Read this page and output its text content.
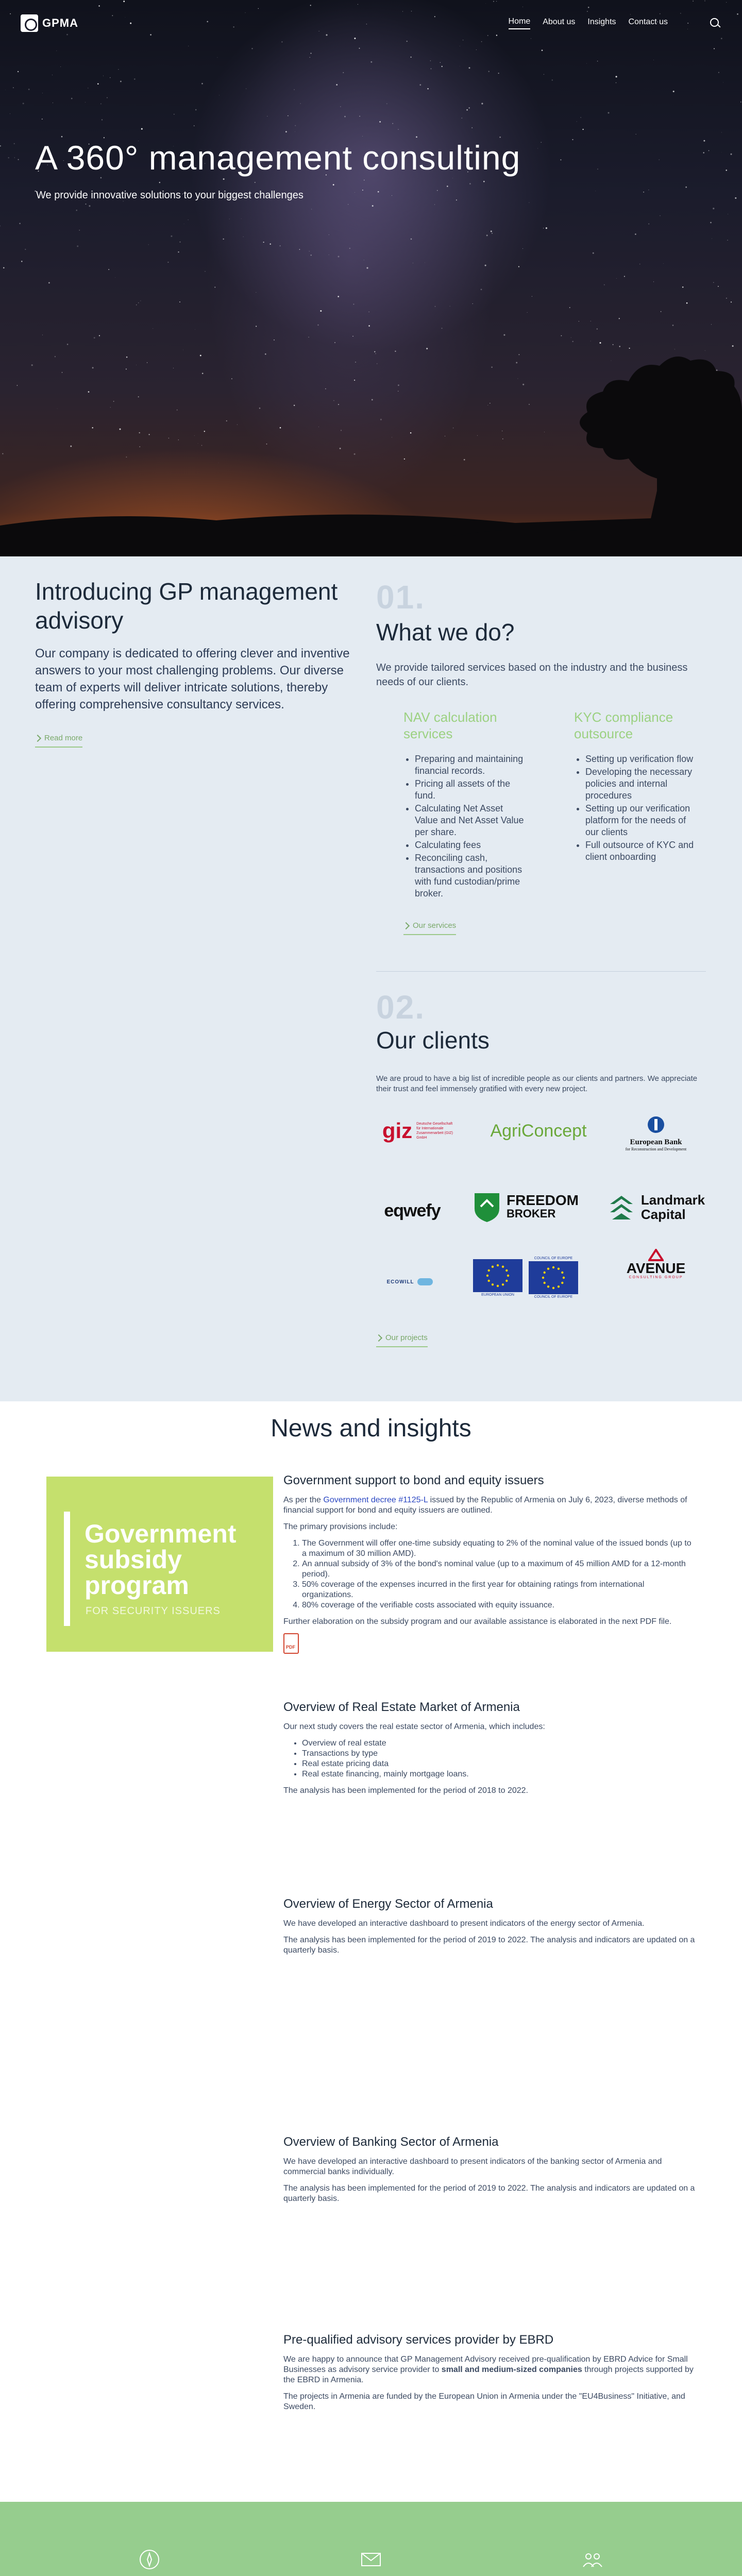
GPMA	Home About us Insights Contact us
A 360° management consulting

We provide innovative solutions to your biggest challenges

Introducing GP management advisory

Our company is dedicated to offering clever and inventive answers to your most challenging problems. Our diverse team of experts will deliver intricate solutions, thereby offering comprehensive consultancy services.

Read more
01.
What we do?

We provide tailored services based on the industry and the business needs of our clients.

NAV calculation services
• Preparing and maintaining financial records.
• Pricing all assets of the fund.
• Calculating Net Asset Value and Net Asset Value per share.
• Calculating fees
• Reconciling cash, transactions and positions with fund custodian/prime broker.
KYC compliance outsource
• Setting up verification flow
• Developing the necessary policies and internal procedures
• Setting up our verification platform for the needs of our clients
• Full outsource of KYC and client onboarding
Our services
02.
Our clients

We are proud to have a big list of incredible people as our clients and partners. We appreciate their trust and feel immensely gratified with every new project.

giz Deutsche Gesellschaft für Internationale Zusammenarbeit (GIZ) GmbH	AgriConcept
European Bank
for Reconstruction and Development
eqwefy
FREEDOM
BROKER
Landmark
Capital
ECOWILL
EUROPEAN UNION
COUNCIL OF EUROPE
COUNCIL OF EUROPE
AVENUE
CONSULTING GROUP
Our projects
News and insights
Government subsidy program
FOR SECURITY ISSUERS
Government support to bond and equity issuers

As per the Government decree #1125-L issued by the Republic of Armenia on July 6, 2023, diverse methods of financial support for bond and equity issuers are outlined.

The primary provisions include:

1. The Government will offer one-time subsidy equating to 2% of the nominal value of the issued bonds (up to a maximum of 30 million AMD).
2. An annual subsidy of 3% of the bond's nominal value (up to a maximum of 45 million AMD for a 12-month period).
3. 50% coverage of the expenses incurred in the first year for obtaining ratings from international organizations.
4. 80% coverage of the verifiable costs associated with equity issuance.

Further elaboration on the subsidy program and our available assistance is elaborated in the next PDF file.

PDF
Overview of Real Estate Market of Armenia

Our next study covers the real estate sector of Armenia, which includes:

• Overview of real estate
• Transactions by type
• Real estate pricing data
• Real estate financing, mainly mortgage loans.

The analysis has been implemented for the period of 2018 to 2022.

Overview of Energy Sector of Armenia

We have developed an interactive dashboard to present indicators of the energy sector of Armenia.

The analysis has been implemented for the period of 2019 to 2022. The analysis and indicators are updated on a quarterly basis.

Overview of Banking Sector of Armenia

We have developed an interactive dashboard to present indicators of the banking sector of Armenia and commercial banks individually.

The analysis has been implemented for the period of 2019 to 2022. The analysis and indicators are updated on a quarterly basis.

Pre-qualified advisory services provider by EBRD

We are happy to announce that GP Management Advisory received pre-qualification by EBRD Advice for Small Businesses as advisory service provider to small and medium-sized companies through projects supported by the EBRD in Armenia.

The projects in Armenia are funded by the European Union in Armenia under the "EU4Business" Initiative, and Sweden.
